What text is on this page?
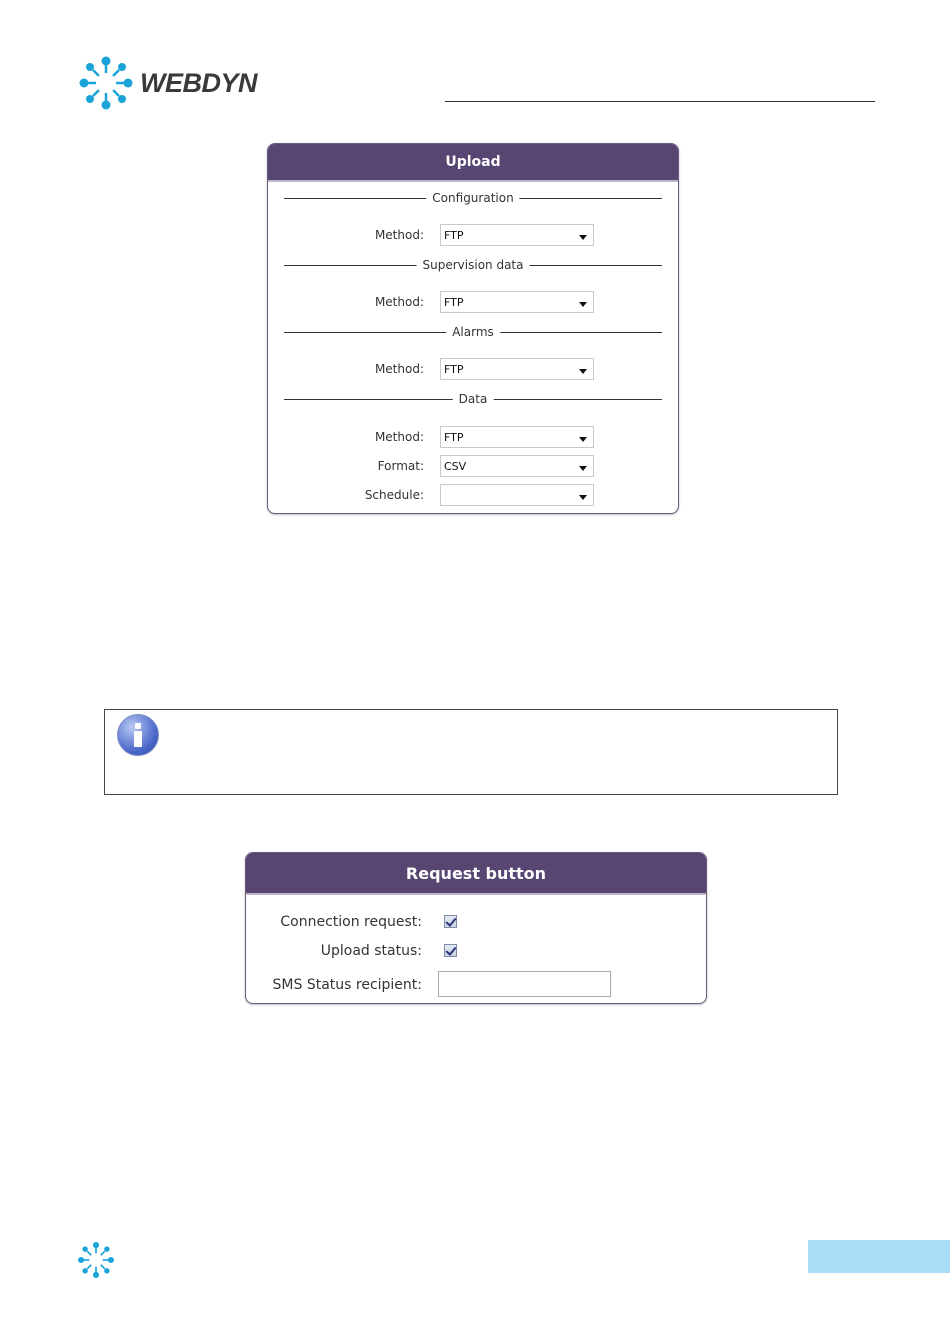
WEBDYN
Upload
Configuration
Method: FTP
Supervision data
Method: FTP
Alarms
Method: FTP
Data
Method: FTP
Format: CSV
Schedule:
Request button
Connection request:
Upload status:
SMS Status recipient:
